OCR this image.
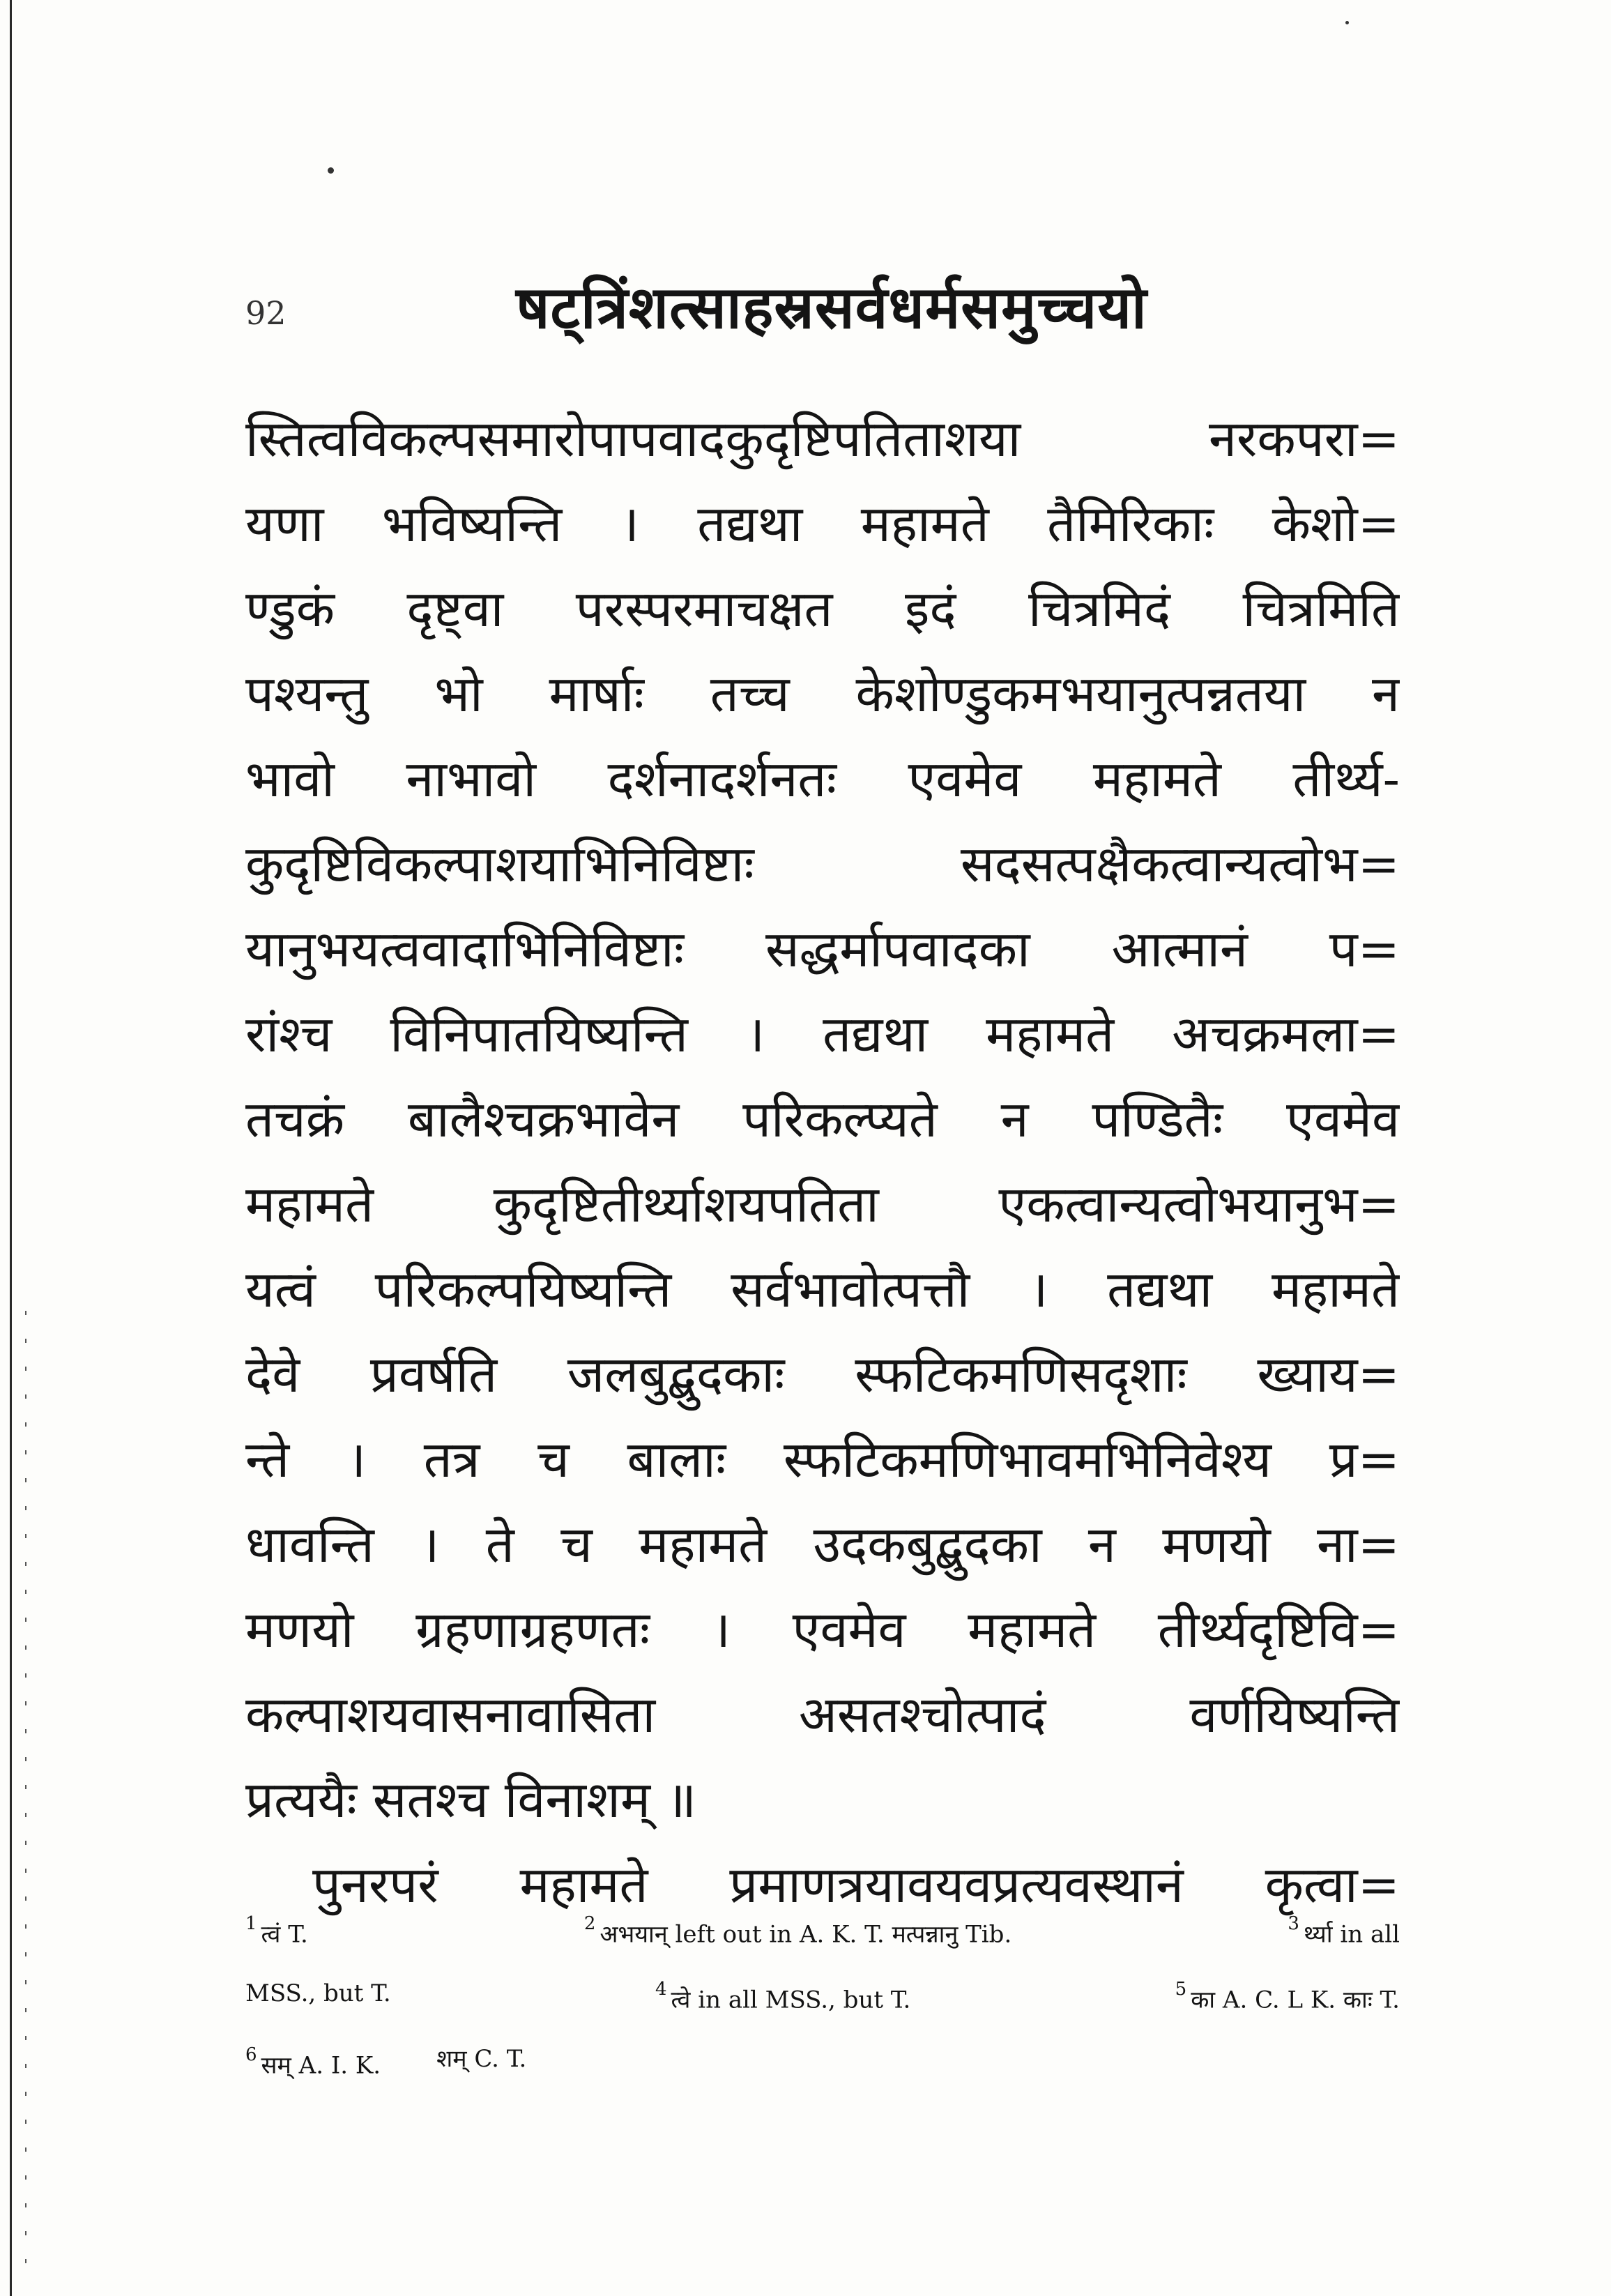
92	षट्त्रिंशत्साहस्रसर्वधर्मसमुच्चयो
स्तित्वविकल्पसमारोपापवादकुदृष्टिपतिताशया नरकपरा=
यणा भविष्यन्ति । तद्यथा महामते तैमिरिकाः केशो=
ण्डुकं दृष्ट्वा परस्परमाचक्षत इदं चित्रमिदं चित्रमिति
पश्यन्तु भो मार्षाः तच्च केशोण्डुकमभयानुत्पन्नतया न
भावो नाभावो दर्शनादर्शनतः एवमेव महामते तीर्थ्य-
कुदृष्टिविकल्पाशयाभिनिविष्टाः सदसत्पक्षैकत्वान्यत्वोभ=
यानुभयत्ववादाभिनिविष्टाः सद्धर्मापवादका आत्मानं प=
रांश्च विनिपातयिष्यन्ति । तद्यथा महामते अचक्रमला=
तचक्रं बालैश्चक्रभावेन परिकल्प्यते न पण्डितैः एवमेव
महामते कुदृष्टितीर्थ्याशयपतिता एकत्वान्यत्वोभयानुभ=
यत्वं परिकल्पयिष्यन्ति सर्वभावोत्पत्तौ । तद्यथा महामते
देवे प्रवर्षति जलबुद्बुदकाः स्फटिकमणिसदृशाः ख्याय=
न्ते । तत्र च बालाः स्फटिकमणिभावमभिनिवेश्य प्र=
धावन्ति । ते च महामते उदकबुद्बुदका न मणयो ना=
मणयो ग्रहणाग्रहणतः । एवमेव महामते तीर्थ्यदृष्टिवि=
कल्पाशयवासनावासिता असतश्चोत्पादं वर्णयिष्यन्ति
प्रत्ययैः सतश्च विनाशम् ॥
पुनरपरं महामते प्रमाणत्रयावयवप्रत्यवस्थानं कृत्वा=
$^1$ त्वं T.	$^2$ अभयान् left out in A. K. T. मत्पन्नानु Tib.	$^3$ र्थ्या in all
MSS., but T.	$^4$ त्वे in all MSS., but T.	$^5$ का A. C. L K. काः T.
$^6$ सम् A. I. K. शम् C. T.
